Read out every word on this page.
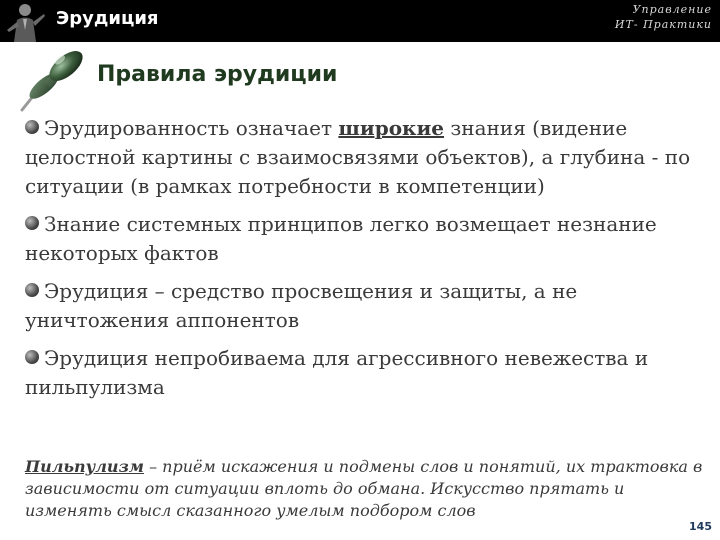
Эрудиция	Управление
ИТ- Практики
Правила эрудиции
Эрудированность означает широкие знания (видение целостной картины с взаимосвязями объектов), а глубина - по ситуации (в рамках потребности в компетенции)
Знание системных принципов легко возмещает незнание некоторых фактов
Эрудиция – средство просвещения и защиты, а не уничтожения аппонентов
Эрудиция непробиваема для агрессивного невежества и пильпулизма

Пильпулизм – приём искажения и подмены слов и понятий, их трактовка в зависимости от ситуации вплоть до обмана. Искусство прятать и изменять смысл сказанного умелым подбором слов

145
